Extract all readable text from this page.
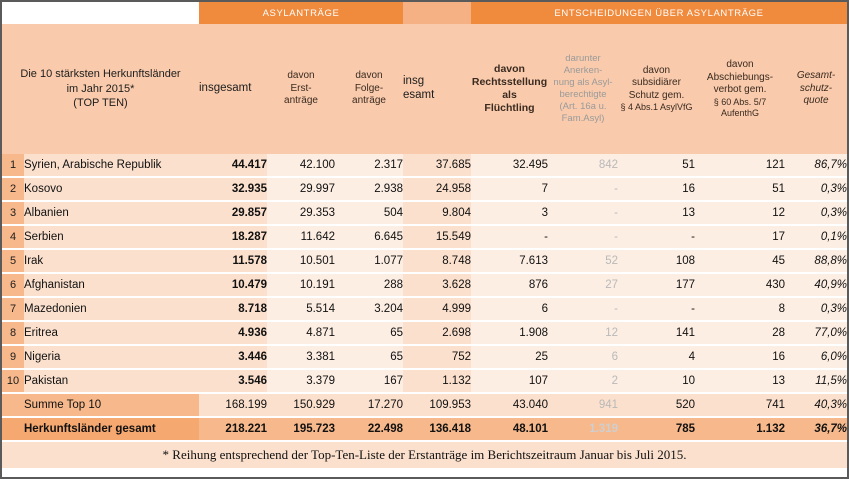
		ASYLANTRÄGE				ENTSCHEIDUNGEN ÜBER ASYLANTRÄGE				

Die 10 stärksten Herkunftsländer
im Jahr 2015*
(TOP TEN)
	insgesamt	
davon
Erst-
anträge

davon
Folge-
anträge

insg
esamt

davon
Rechtsstellung als
Flüchtling

darunter
Anerken-
nung als Asyl-
berechtigte
(Art. 16a u.
Fam.Asyl)

davon
subsidiärer
Schutz gem.
§ 4 Abs.1 AsylVfG

davon
Abschiebungs-
verbot gem.
§ 60 Abs. 5/7
AufenthG

Gesamt-
schutz-
quote

1	Syrien, Arabische Republik	44.417	42.100	2.317	37.685	32.495	842	51	121	86,7%
2	Kosovo	32.935	29.997	2.938	24.958	7	-	16	51	0,3%
3	Albanien	29.857	29.353	504	9.804	3	-	13	12	0,3%
4	Serbien	18.287	11.642	6.645	15.549	-	-	-	17	0,1%
5	Irak	11.578	10.501	1.077	8.748	7.613	52	108	45	88,8%
6	Afghanistan	10.479	10.191	288	3.628	876	27	177	430	40,9%
7	Mazedonien	8.718	5.514	3.204	4.999	6	-	-	8	0,3%
8	Eritrea	4.936	4.871	65	2.698	1.908	12	141	28	77,0%
9	Nigeria	3.446	3.381	65	752	25	6	4	16	6,0%
10	Pakistan	3.546	3.379	167	1.132	107	2	10	13	11,5%
	Summe Top 10	168.199	150.929	17.270	109.953	43.040	941	520	741	40,3%
	Herkunftsländer gesamt	218.221	195.723	22.498	136.418	48.101	1.319	785	1.132	36,7%
* Reihung entsprechend der Top-Ten-Liste der Erstanträge im Berichtszeitraum Januar bis Juli 2015.										
